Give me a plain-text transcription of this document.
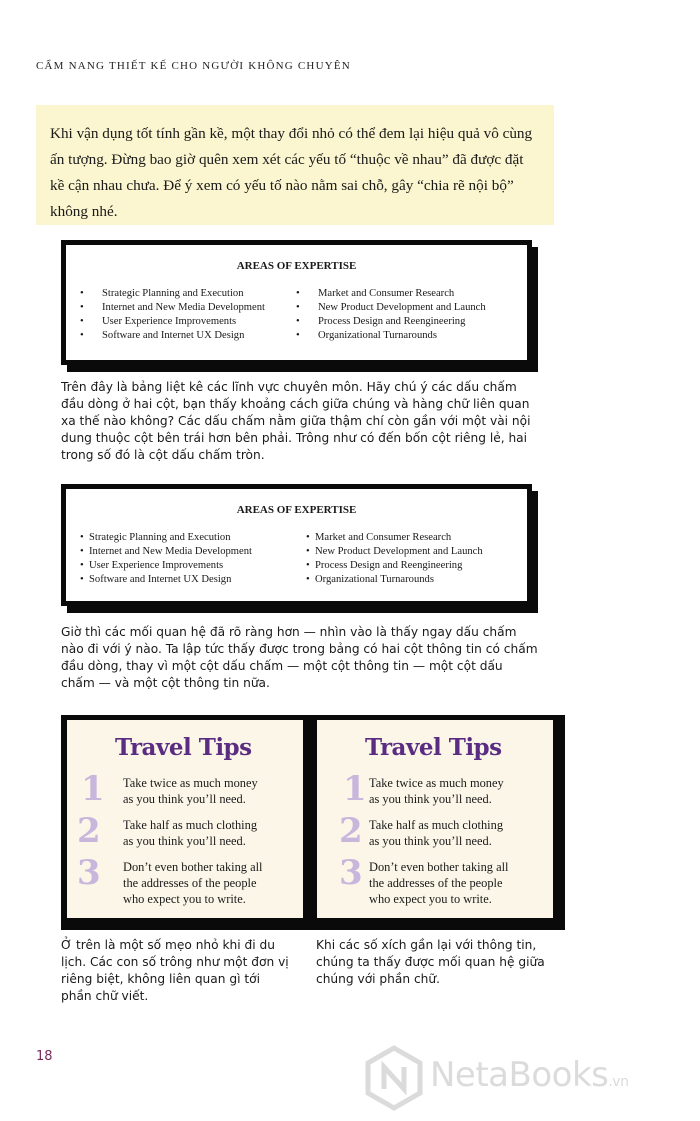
CẨM NANG THIẾT KẾ CHO NGƯỜI KHÔNG CHUYÊN
Khi vận dụng tốt tính gần kề, một thay đổi nhỏ có thể đem lại hiệu quả vô cùng ấn tượng. Đừng bao giờ quên xem xét các yếu tố “thuộc về nhau” đã được đặt kề cận nhau chưa. Để ý xem có yếu tố nào nằm sai chỗ, gây “chia rẽ nội bộ” không nhé.
AREAS OF EXPERTISE
• Strategic Planning and Execution
• Internet and New Media Development
• User Experience Improvements
• Software and Internet UX Design
• Market and Consumer Research
• New Product Development and Launch
• Process Design and Reengineering
• Organizational Turnarounds
Trên đây là bảng liệt kê các lĩnh vực chuyên môn. Hãy chú ý các dấu chấm đầu dòng ở hai cột, bạn thấy khoảng cách giữa chúng và hàng chữ liên quan xa thế nào không? Các dấu chấm nằm giữa thậm chí còn gần với một vài nội dung thuộc cột bên trái hơn bên phải. Trông như có đến bốn cột riêng lẻ, hai trong số đó là cột dấu chấm tròn.
AREAS OF EXPERTISE
• Strategic Planning and Execution
• Internet and New Media Development
• User Experience Improvements
• Software and Internet UX Design
• Market and Consumer Research
• New Product Development and Launch
• Process Design and Reengineering
• Organizational Turnarounds
Giờ thì các mối quan hệ đã rõ ràng hơn — nhìn vào là thấy ngay dấu chấm nào đi với ý nào. Ta lập tức thấy được trong bảng có hai cột thông tin có chấm đầu dòng, thay vì một cột dấu chấm — một cột thông tin — một cột dấu chấm — và một cột thông tin nữa.
Travel Tips
1 Take twice as much money
as you think you’ll need.
2 Take half as much clothing
as you think you’ll need.
3 Don’t even bother taking all
the addresses of the people
who expect you to write.
Travel Tips
1 Take twice as much money
as you think you’ll need.
2 Take half as much clothing
as you think you’ll need.
3 Don’t even bother taking all
the addresses of the people
who expect you to write.
Ở trên là một số mẹo nhỏ khi đi du lịch. Các con số trông như một đơn vị riêng biệt, không liên quan gì tới phần chữ viết.
Khi các số xích gần lại với thông tin, chúng ta thấy được mối quan hệ giữa chúng với phần chữ.
18	NetaBooks.vn
